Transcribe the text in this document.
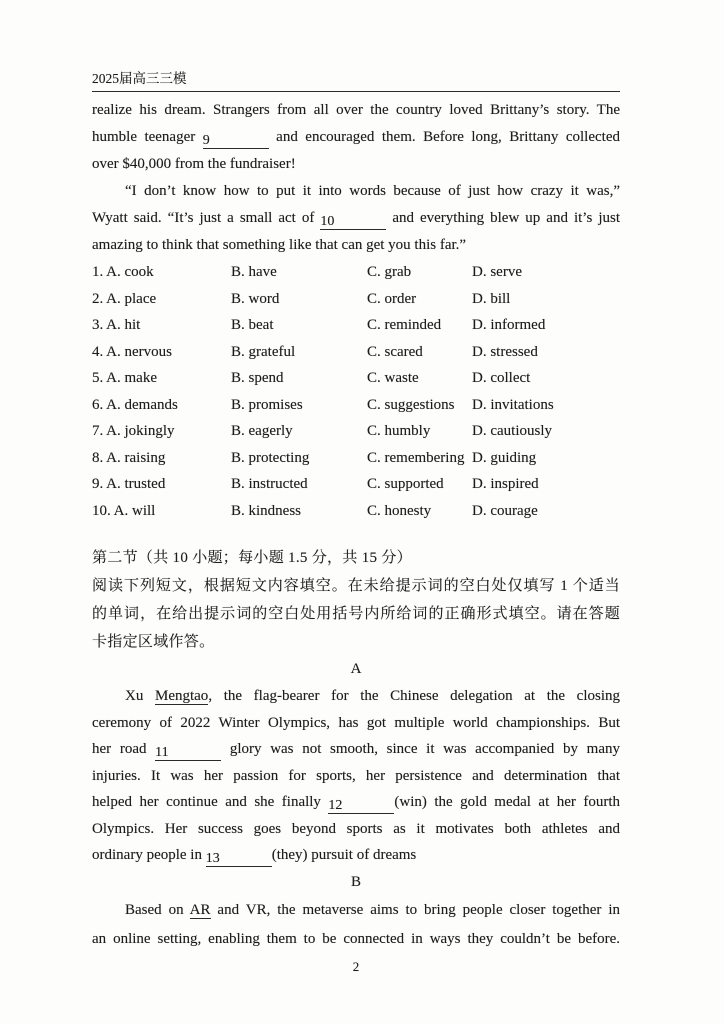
2025届高三三模
realize his dream. Strangers from all over the country loved Brittany’s story. The
humble teenager 9	and encouraged them. Before long, Brittany collected
over $40,000 from the fundraiser!
“I don’t know how to put it into words because of just how crazy it was,”
Wyatt said. “It’s just a small act of 10	and everything blew up and it’s just
amazing to think that something like that can get you this far.”
1. A. cook	B. have	C. grab	D. serve
2. A. place	B. word	C. order	D. bill
3. A. hit	B. beat	C. reminded	D. informed
4. A. nervous	B. grateful	C. scared	D. stressed
5. A. make	B. spend	C. waste	D. collect
6. A. demands	B. promises	C. suggestions	D. invitations
7. A. jokingly	B. eagerly	C. humbly	D. cautiously
8. A. raising	B. protecting	C. remembering D. guiding
9. A. trusted	B. instructed	C. supported	D. inspired
10. A. will	B. kindness	C. honesty	D. courage
第二节（共 10 小题；每小题 1.5 分，共 15 分）
阅读下列短文，根据短文内容填空。在未给提示词的空白处仅填写 1 个适当
的单词，在给出提示词的空白处用括号内所给词的正确形式填空。请在答题
卡指定区域作答。
A
Xu Mengtao, the flag-bearer for the Chinese delegation at the closing
ceremony of 2022 Winter Olympics, has got multiple world championships. But
her road 11	glory was not smooth, since it was accompanied by many
injuries. It was her passion for sports, her persistence and determination that
helped her continue and she finally 12	(win) the gold medal at her fourth
Olympics. Her success goes beyond sports as it motivates both athletes and
ordinary people in 13	(they) pursuit of dreams
B
Based on AR and VR, the metaverse aims to bring people closer together in
an online setting, enabling them to be connected in ways they couldn’t be before.
2
